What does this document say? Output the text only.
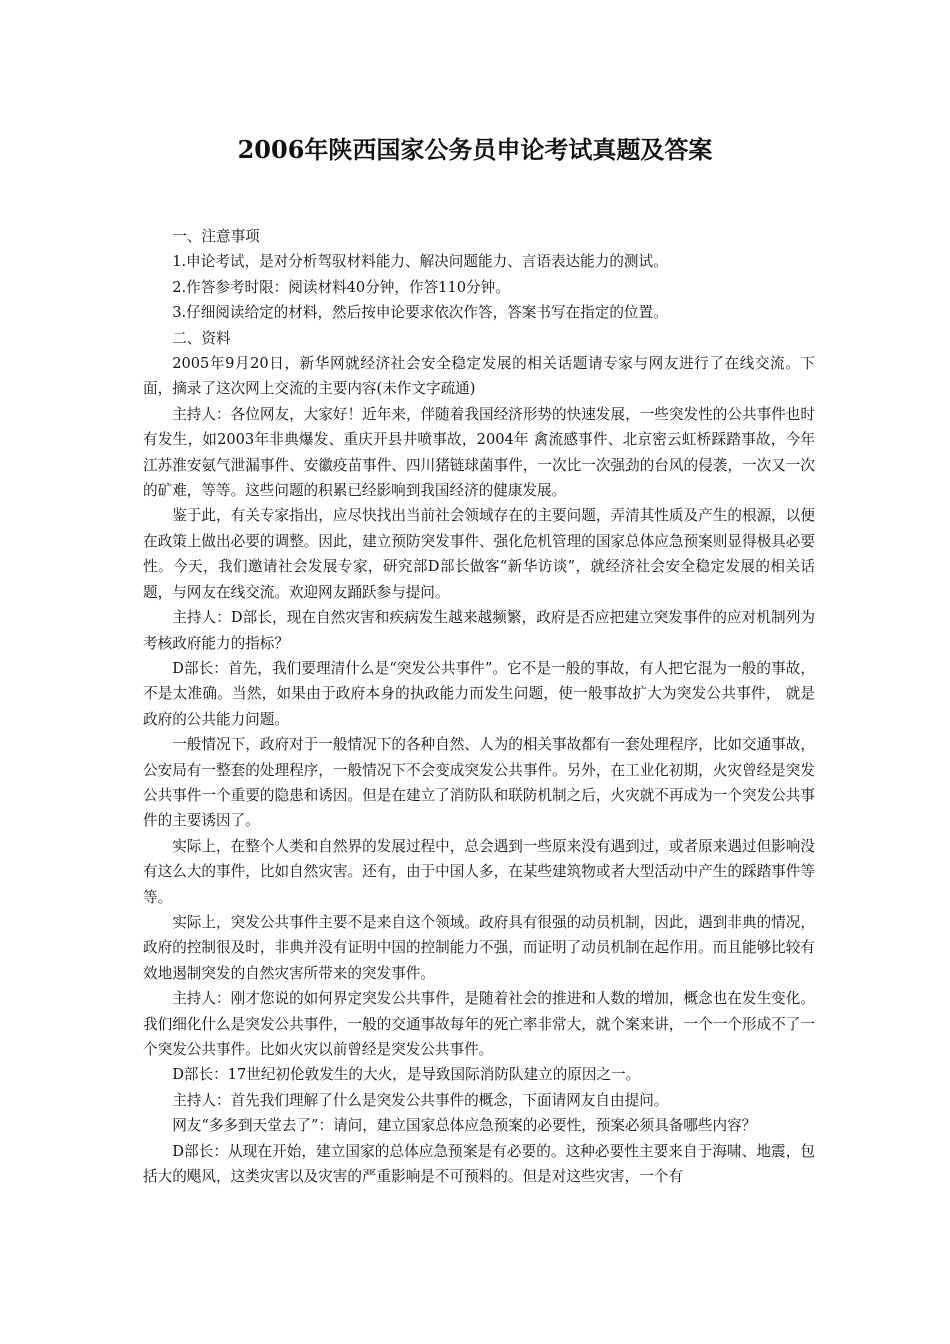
2006年陕西国家公务员申论考试真题及答案

一、注意事项

1.申论考试，是对分析驾驭材料能力、解决问题能力、言语表达能力的测试。

2.作答参考时限：阅读材料40分钟，作答110分钟。

3.仔细阅读给定的材料，然后按申论要求依次作答，答案书写在指定的位置。

二、资料

2005年9月20日，新华网就经济社会安全稳定发展的相关话题请专家与网友进行了在线交流。下面，摘录了这次网上交流的主要内容(未作文字疏通)

主持人：各位网友，大家好！近年来，伴随着我国经济形势的快速发展，一些突发性的公共事件也时有发生，如2003年非典爆发、重庆开县井喷事故，2004年 禽流感事件、北京密云虹桥踩踏事故，今年江苏淮安氨气泄漏事件、安徽疫苗事件、四川猪链球菌事件，一次比一次强劲的台风的侵袭，一次又一次的矿难，等等。这些问题的积累已经影响到我国经济的健康发展。

鉴于此，有关专家指出，应尽快找出当前社会领域存在的主要问题，弄清其性质及产生的根源，以便在政策上做出必要的调整。因此，建立预防突发事件、强化危机管理的国家总体应急预案则显得极具必要性。今天，我们邀请社会发展专家，研究部D部长做客“新华访谈”，就经济社会安全稳定发展的相关话题，与网友在线交流。欢迎网友踊跃参与提问。

主持人：D部长，现在自然灾害和疾病发生越来越频繁，政府是否应把建立突发事件的应对机制列为考核政府能力的指标？

D部长：首先，我们要理清什么是“突发公共事件”。它不是一般的事故，有人把它混为一般的事故，不是太准确。当然，如果由于政府本身的执政能力而发生问题，使一般事故扩大为突发公共事件， 就是政府的公共能力问题。

一般情况下，政府对于一般情况下的各种自然、人为的相关事故都有一套处理程序，比如交通事故，公安局有一整套的处理程序，一般情况下不会变成突发公共事件。另外，在工业化初期，火灾曾经是突发公共事件一个重要的隐患和诱因。但是在建立了消防队和联防机制之后，火灾就不再成为一个突发公共事件的主要诱因了。

实际上，在整个人类和自然界的发展过程中，总会遇到一些原来没有遇到过，或者原来遇过但影响没有这么大的事件，比如自然灾害。还有，由于中国人多，在某些建筑物或者大型活动中产生的踩踏事件等等。

实际上，突发公共事件主要不是来自这个领域。政府具有很强的动员机制，因此，遇到非典的情况，政府的控制很及时，非典并没有证明中国的控制能力不强，而证明了动员机制在起作用。而且能够比较有效地遏制突发的自然灾害所带来的突发事件。

主持人：刚才您说的如何界定突发公共事件，是随着社会的推进和人数的增加，概念也在发生变化。我们细化什么是突发公共事件，一般的交通事故每年的死亡率非常大，就个案来讲，一个一个形成不了一个突发公共事件。比如火灾以前曾经是突发公共事件。

D部长：17世纪初伦敦发生的大火，是导致国际消防队建立的原因之一。

主持人：首先我们理解了什么是突发公共事件的概念，下面请网友自由提问。

网友“多多到天堂去了”：请问，建立国家总体应急预案的必要性，预案必须具备哪些内容？

D部长：从现在开始，建立国家的总体应急预案是有必要的。这种必要性主要来自于海啸、地震，包括大的飓风，这类灾害以及灾害的严重影响是不可预料的。但是对这些灾害，一个有
